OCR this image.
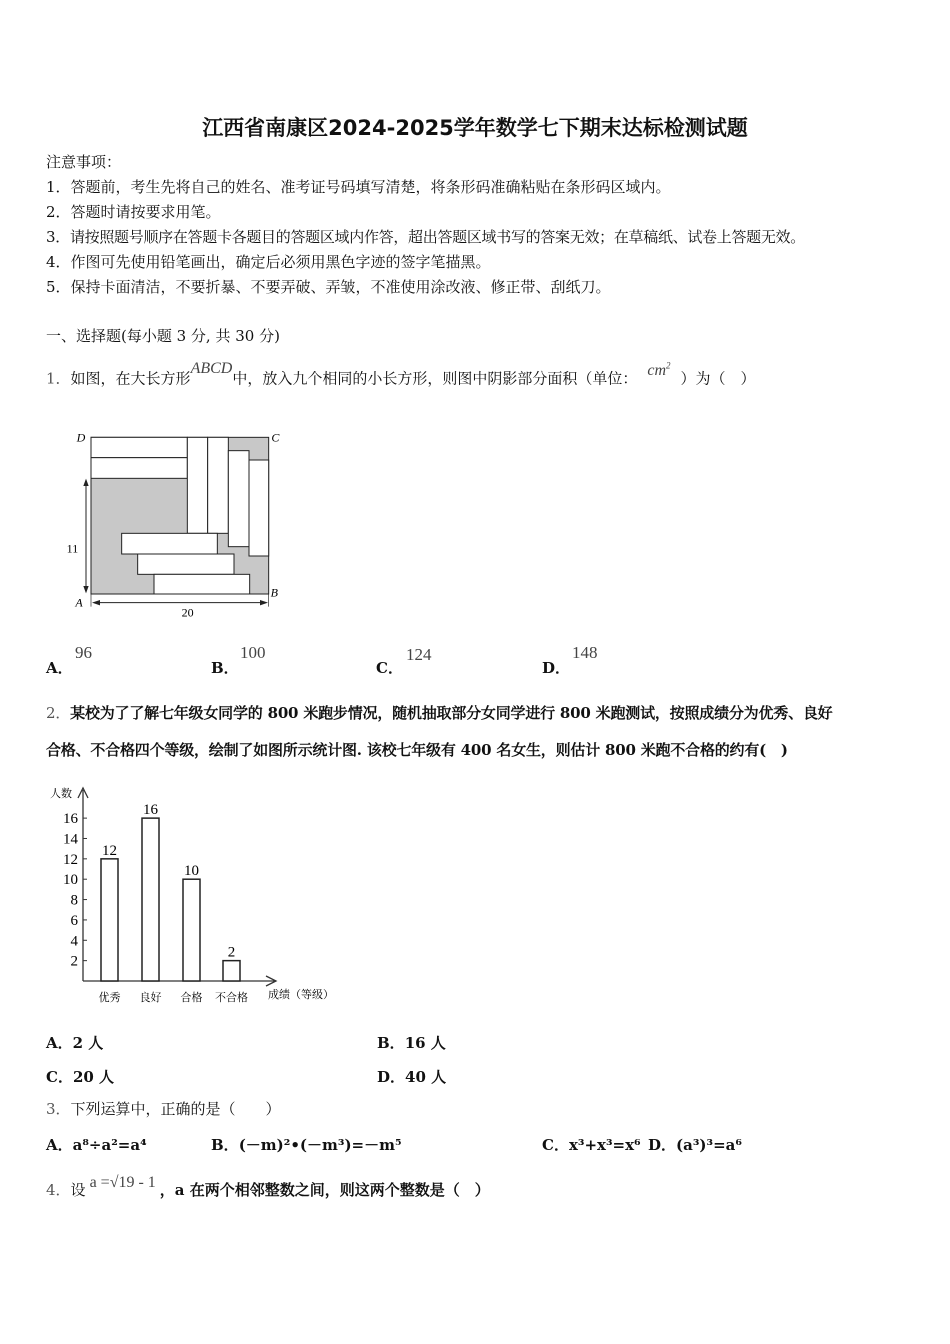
江西省南康区2024-2025学年数学七下期末达标检测试题
注意事项：
1．答题前，考生先将自己的姓名、准考证号码填写清楚，将条形码准确粘贴在条形码区域内。
2．答题时请按要求用笔。
3．请按照题号顺序在答题卡各题目的答题区域内作答，超出答题区域书写的答案无效；在草稿纸、试卷上答题无效。
4．作图可先使用铅笔画出，确定后必须用黑色字迹的签字笔描黑。
5．保持卡面清洁，不要折暴、不要弄破、弄皱，不准使用涂改液、修正带、刮纸刀。
一、选择题(每小题 3 分, 共 30 分)
1．如图，在大长方形ABCD中，放入九个相同的小长方形，则图中阴影部分面积（单位： $cm^2$）为（　）
D	C
A
B
11
20
A．
96
B．
100
C．
124
D．
148
2．某校为了了解七年级女同学的 800 米跑步情况，随机抽取部分女同学进行 800 米跑测试，按照成绩分为优秀、良好
合格、不合格四个等级，绘制了如图所示统计图. 该校七年级有 400 名女生，则估计 800 米跑不合格的约有(　)
人数
成绩（等级）
2
4
6
8
10
12
14
16
12
优秀
16
良好
10
合格
2
不合格
A．2 人	B．16 人
C．20 人	D．40 人
3．下列运算中，正确的是（　　）
A．a⁸÷a²=a⁴	B．(－m)²•(－m³)=－m⁵	C．x³+x³=x⁶ D．(a³)³=a⁶
4．设 a =√19 - 1 ，a 在两个相邻整数之间，则这两个整数是（　）
